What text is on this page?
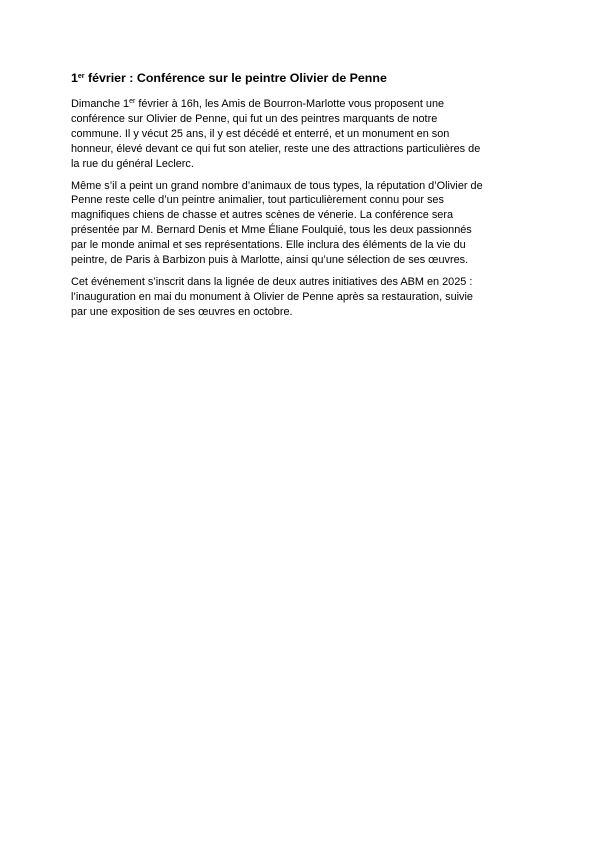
1er février : Conférence sur le peintre Olivier de Penne

Dimanche 1er février à 16h, les Amis de Bourron-Marlotte vous proposent une
conférence sur Olivier de Penne, qui fut un des peintres marquants de notre
commune. Il y vécut 25 ans, il y est décédé et enterré, et un monument en son
honneur, élevé devant ce qui fut son atelier, reste une des attractions particulières de
la rue du général Leclerc.

Même s’il a peint un grand nombre d’animaux de tous types, la réputation d’Olivier de
Penne reste celle d’un peintre animalier, tout particulièrement connu pour ses
magnifiques chiens de chasse et autres scènes de vénerie. La conférence sera
présentée par M. Bernard Denis et Mme Éliane Foulquié, tous les deux passionnés
par le monde animal et ses représentations. Elle inclura des éléments de la vie du
peintre, de Paris à Barbizon puis à Marlotte, ainsi qu’une sélection de ses œuvres.

Cet événement s’inscrit dans la lignée de deux autres initiatives des ABM en 2025 :
l’inauguration en mai du monument à Olivier de Penne après sa restauration, suivie
par une exposition de ses œuvres en octobre.
